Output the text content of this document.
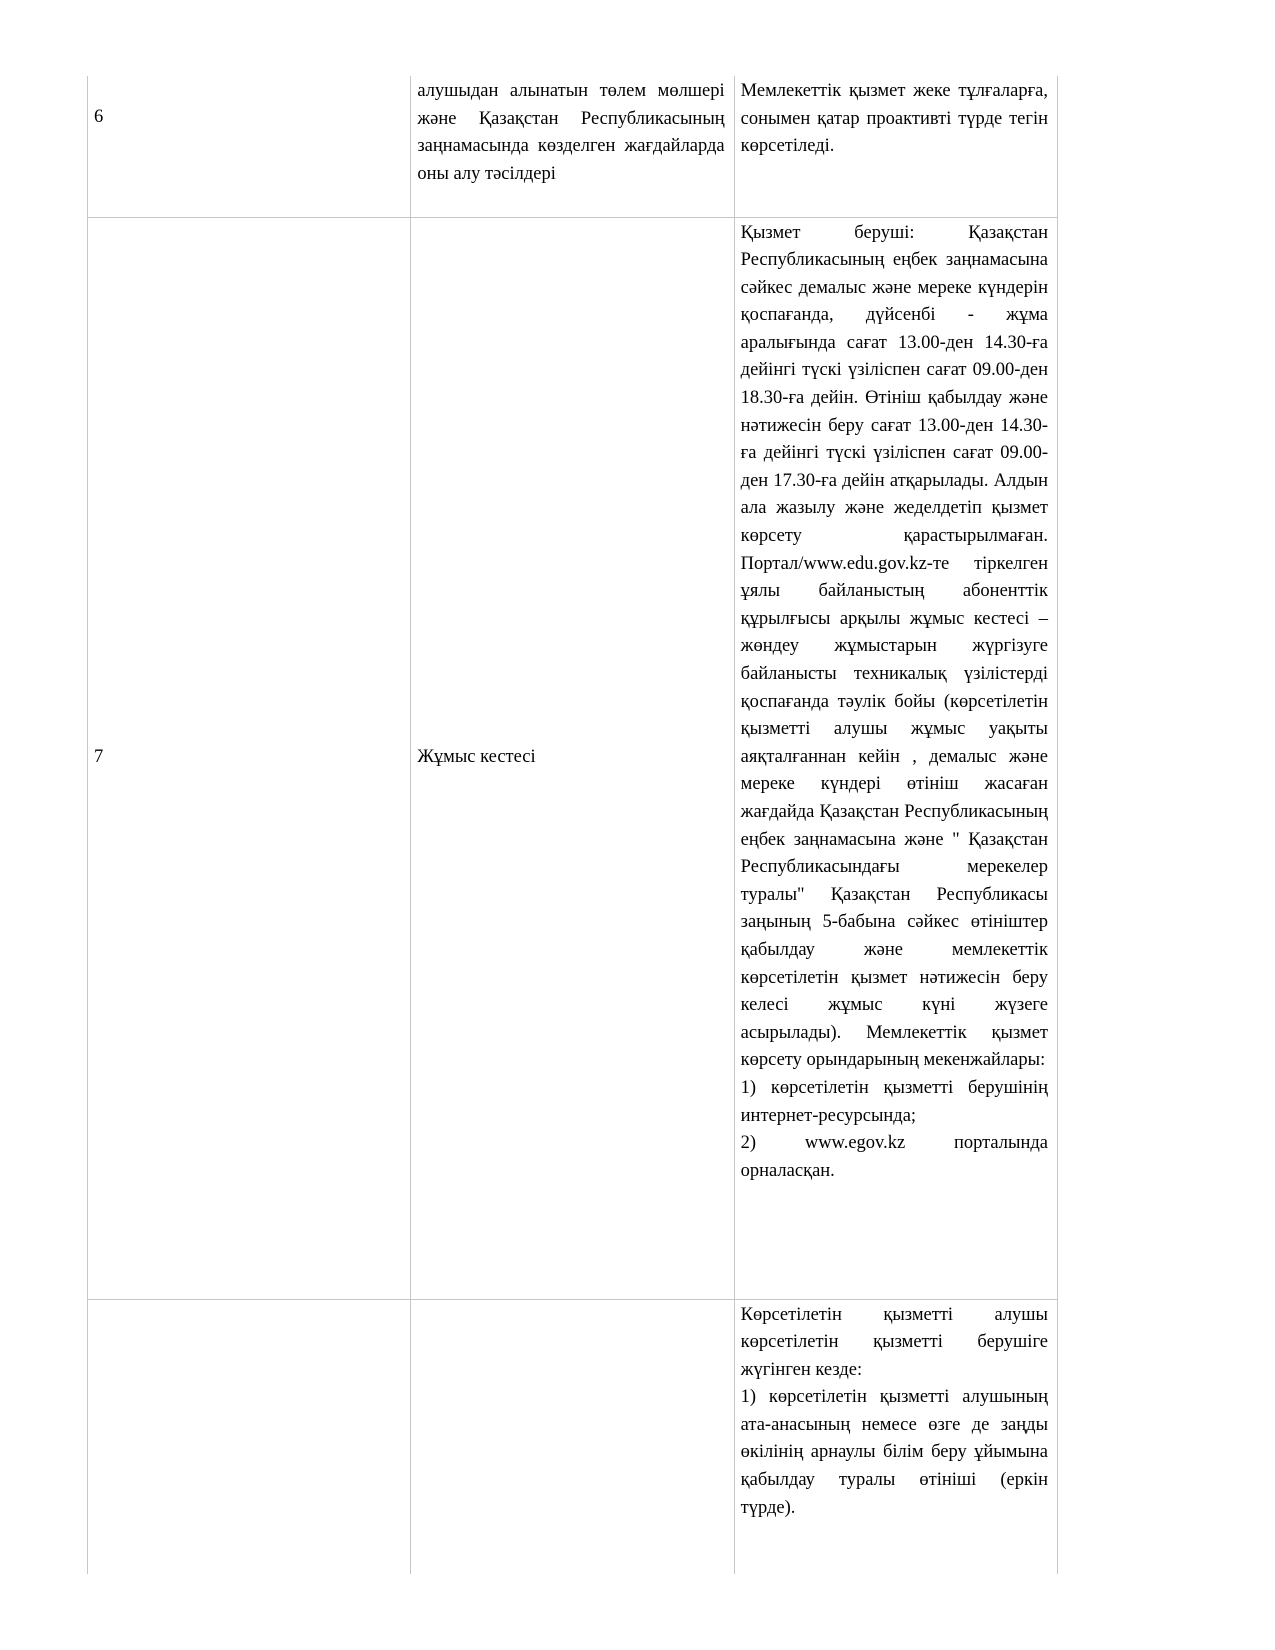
6	алушыдан алынатын төлем мөлшері және Қазақстан Республикасының заңнамасында көзделген жағдайларда оны алу тәсілдері	Мемлекеттік қызмет жеке тұлғаларға, сонымен қатар проактивті түрде тегін көрсетіледі.

7	Жұмыс кестесі	Қызмет беруші: Қазақстан Республикасының еңбек заңнамасына сәйкес демалыс және мереке күндерін қоспағанда, дүйсенбі - жұма аралығында сағат 13.00-ден 14.30-ға дейінгі түскі үзіліспен сағат 09.00-ден 18.30-ға дейін. Өтініш қабылдау және нәтижесін беру сағат 13.00-ден 14.30-ға дейінгі түскі үзіліспен сағат 09.00-ден 17.30-ға дейін атқарылады. Алдын ала жазылу және жеделдетіп қызмет көрсету қарастырылмаған. Портал/www.edu.gov.kz-те тіркелген ұялы байланыстың абоненттік құрылғысы арқылы жұмыс кестесі – жөндеу жұмыстарын жүргізуге байланысты техникалық үзілістерді қоспағанда тәулік бойы (көрсетілетін қызметті алушы жұмыс уақыты аяқталғаннан кейін , демалыс және мереке күндері өтініш жасаған жағдайда Қазақстан Республикасының еңбек заңнамасына және " Қазақстан Республикасындағы мерекелер туралы" Қазақстан Республикасы заңының 5-бабына сәйкес өтініштер қабылдау және мемлекеттік көрсетілетін қызмет нәтижесін беру келесі жұмыс күні жүзеге асырылады). Мемлекеттік қызмет көрсету орындарының мекенжайлары:

1) көрсетілетін қызметті берушінің интернет-ресурсында;

2) www.egov.kz порталында орналасқан.

		Көрсетілетін қызметті алушы көрсетілетін қызметті берушіге жүгінген кезде:

1) көрсетілетін қызметті алушының ата-анасының немесе өзге де заңды өкілінің арнаулы білім беру ұйымына қабылдау туралы өтініші (еркін түрде).
